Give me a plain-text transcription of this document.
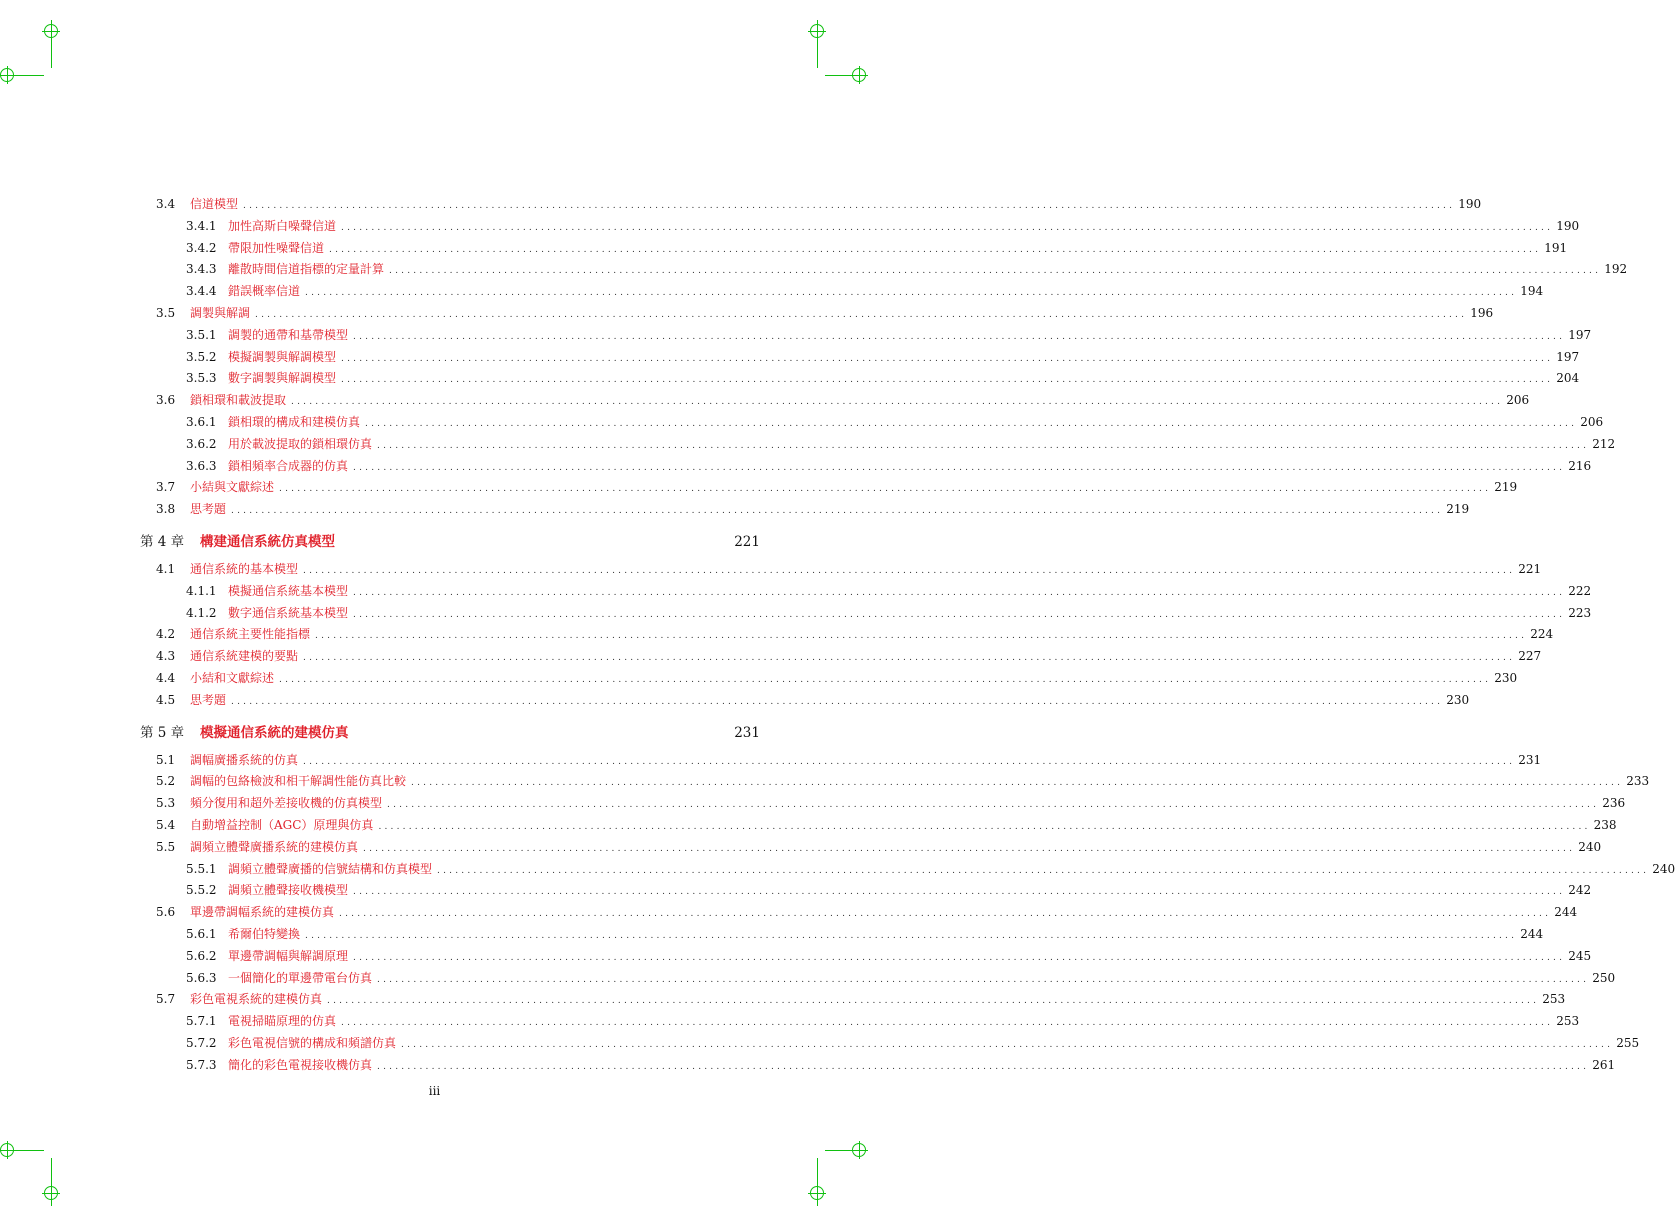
3.4 信道模型 ........................................................................................................................................................................................................ 190
3.4.1 加性高斯白噪聲信道 ........................................................................................................................................................................................................ 190
3.4.2 帶限加性噪聲信道 ........................................................................................................................................................................................................ 191
3.4.3 離散時間信道指標的定量計算 ........................................................................................................................................................................................................ 192
3.4.4 錯誤概率信道 ........................................................................................................................................................................................................ 194
3.5 調製與解調 ........................................................................................................................................................................................................ 196
3.5.1 調製的通帶和基帶模型 ........................................................................................................................................................................................................ 197
3.5.2 模擬調製與解調模型 ........................................................................................................................................................................................................ 197
3.5.3 數字調製與解調模型 ........................................................................................................................................................................................................ 204
3.6 鎖相環和載波提取 ........................................................................................................................................................................................................ 206
3.6.1 鎖相環的構成和建模仿真 ........................................................................................................................................................................................................ 206
3.6.2 用於載波提取的鎖相環仿真 ........................................................................................................................................................................................................ 212
3.6.3 鎖相頻率合成器的仿真 ........................................................................................................................................................................................................ 216
3.7 小結與文獻綜述 ........................................................................................................................................................................................................ 219
3.8 思考題 ........................................................................................................................................................................................................ 219
第 4 章 構建通信系統仿真模型	221
4.1 通信系統的基本模型 ........................................................................................................................................................................................................ 221
4.1.1 模擬通信系統基本模型 ........................................................................................................................................................................................................ 222
4.1.2 數字通信系統基本模型 ........................................................................................................................................................................................................ 223
4.2 通信系統主要性能指標 ........................................................................................................................................................................................................ 224
4.3 通信系統建模的要點 ........................................................................................................................................................................................................ 227
4.4 小結和文獻綜述 ........................................................................................................................................................................................................ 230
4.5 思考題 ........................................................................................................................................................................................................ 230
第 5 章 模擬通信系統的建模仿真	231
5.1 調幅廣播系統的仿真 ........................................................................................................................................................................................................ 231
5.2 調幅的包絡檢波和相干解調性能仿真比較 ........................................................................................................................................................................................................ 233
5.3 頻分復用和超外差接收機的仿真模型 ........................................................................................................................................................................................................ 236
5.4 自動增益控制（AGC）原理與仿真 ........................................................................................................................................................................................................ 238
5.5 調頻立體聲廣播系統的建模仿真 ........................................................................................................................................................................................................ 240
5.5.1 調頻立體聲廣播的信號結構和仿真模型 ........................................................................................................................................................................................................ 240
5.5.2 調頻立體聲接收機模型 ........................................................................................................................................................................................................ 242
5.6 單邊帶調幅系統的建模仿真 ........................................................................................................................................................................................................ 244
5.6.1 希爾伯特變換 ........................................................................................................................................................................................................ 244
5.6.2 單邊帶調幅與解調原理 ........................................................................................................................................................................................................ 245
5.6.3 一個簡化的單邊帶電台仿真 ........................................................................................................................................................................................................ 250
5.7 彩色電視系統的建模仿真 ........................................................................................................................................................................................................ 253
5.7.1 電視掃瞄原理的仿真 ........................................................................................................................................................................................................ 253
5.7.2 彩色電視信號的構成和頻譜仿真 ........................................................................................................................................................................................................ 255
5.7.3 簡化的彩色電視接收機仿真 ........................................................................................................................................................................................................ 261
iii
